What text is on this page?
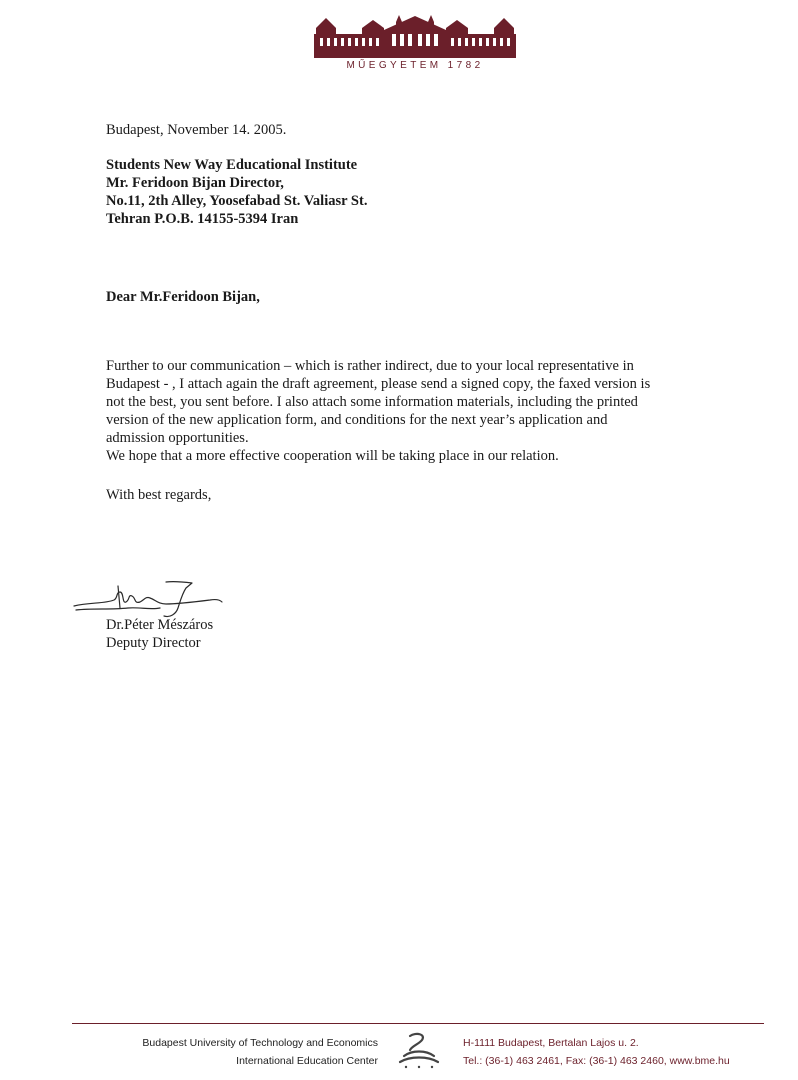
MŰEGYETEM 1782
Budapest, November 14. 2005.
Students New Way Educational Institute
Mr. Feridoon Bijan Director,
No.11, 2th Alley, Yoosefabad St. Valiasr St.
Tehran P.O.B. 14155-5394 Iran
Dear Mr.Feridoon Bijan,
Further to our communication – which is rather indirect, due to your local representative in
Budapest - , I attach again the draft agreement, please send a signed copy, the faxed version is
not the best, you sent before. I also attach some information materials, including the printed
version of the new application form, and conditions for the next year’s application and
admission opportunities.
We hope that a more effective cooperation will be taking place in our relation.
With best regards,
Dr.Péter Mészáros
Deputy Director
Budapest University of Technology and Economics
International Education Center
H-1111 Budapest, Bertalan Lajos u. 2.
Tel.: (36-1) 463 2461, Fax: (36-1) 463 2460, www.bme.hu
